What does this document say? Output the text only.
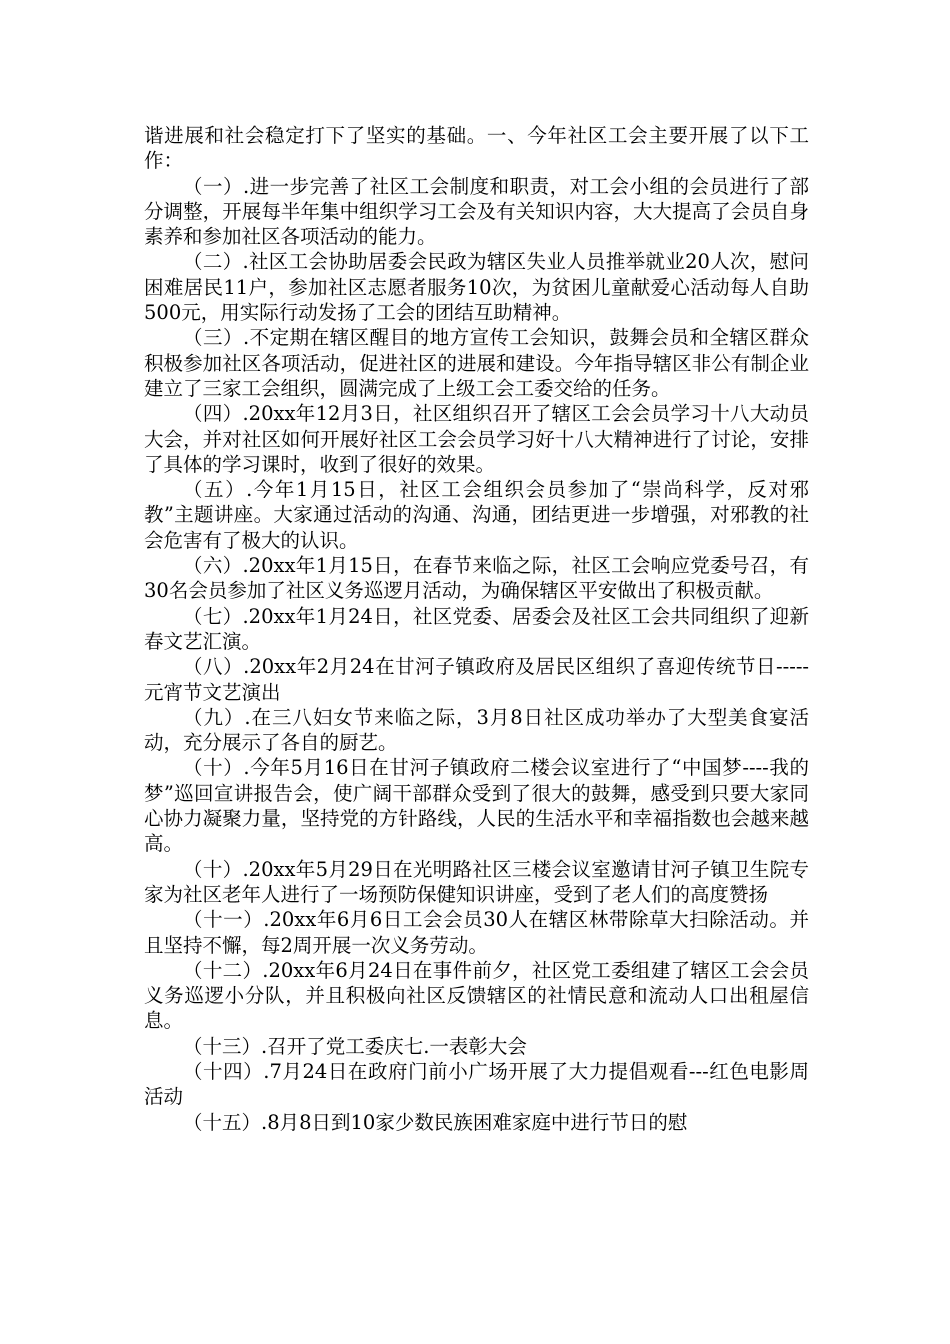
谐进展和社会稳定打下了坚实的基础。一、今年社区工会主要开展了以下工作：

（一）.进一步完善了社区工会制度和职责，对工会小组的会员进行了部分调整，开展每半年集中组织学习工会及有关知识内容，大大提高了会员自身素养和参加社区各项活动的能力。

（二）.社区工会协助居委会民政为辖区失业人员推举就业20人次，慰问困难居民11户，参加社区志愿者服务10次，为贫困儿童献爱心活动每人自助500元，用实际行动发扬了工会的团结互助精神。

（三）.不定期在辖区醒目的地方宣传工会知识，鼓舞会员和全辖区群众积极参加社区各项活动，促进社区的进展和建设。今年指导辖区非公有制企业建立了三家工会组织，圆满完成了上级工会工委交给的任务。

（四）.20xx年12月3日，社区组织召开了辖区工会会员学习十八大动员大会，并对社区如何开展好社区工会会员学习好十八大精神进行了讨论，安排了具体的学习课时，收到了很好的效果。

（五）.今年1月15日，社区工会组织会员参加了“崇尚科学，反对邪教”主题讲座。大家通过活动的沟通、沟通，团结更进一步增强，对邪教的社会危害有了极大的认识。

（六）.20xx年1月15日，在春节来临之际，社区工会响应党委号召，有30名会员参加了社区义务巡逻月活动，为确保辖区平安做出了积极贡献。

（七）.20xx年1月24日，社区党委、居委会及社区工会共同组织了迎新春文艺汇演。

（八）.20xx年2月24在甘河子镇政府及居民区组织了喜迎传统节日-----元宵节文艺演出

（九）.在三八妇女节来临之际，3月8日社区成功举办了大型美食宴活动，充分展示了各自的厨艺。

（十）.今年5月16日在甘河子镇政府二楼会议室进行了“中国梦----我的梦”巡回宣讲报告会，使广阔干部群众受到了很大的鼓舞，感受到只要大家同心协力凝聚力量，坚持党的方针路线，人民的生活水平和幸福指数也会越来越高。

（十）.20xx年5月29日在光明路社区三楼会议室邀请甘河子镇卫生院专家为社区老年人进行了一场预防保健知识讲座，受到了老人们的高度赞扬

（十一）.20xx年6月6日工会会员30人在辖区林带除草大扫除活动。并且坚持不懈，每2周开展一次义务劳动。

（十二）.20xx年6月24日在事件前夕，社区党工委组建了辖区工会会员义务巡逻小分队，并且积极向社区反馈辖区的社情民意和流动人口出租屋信息。

（十三）.召开了党工委庆七.一表彰大会

（十四）.7月24日在政府门前小广场开展了大力提倡观看---红色电影周活动

（十五）.8月8日到10家少数民族困难家庭中进行节日的慰
